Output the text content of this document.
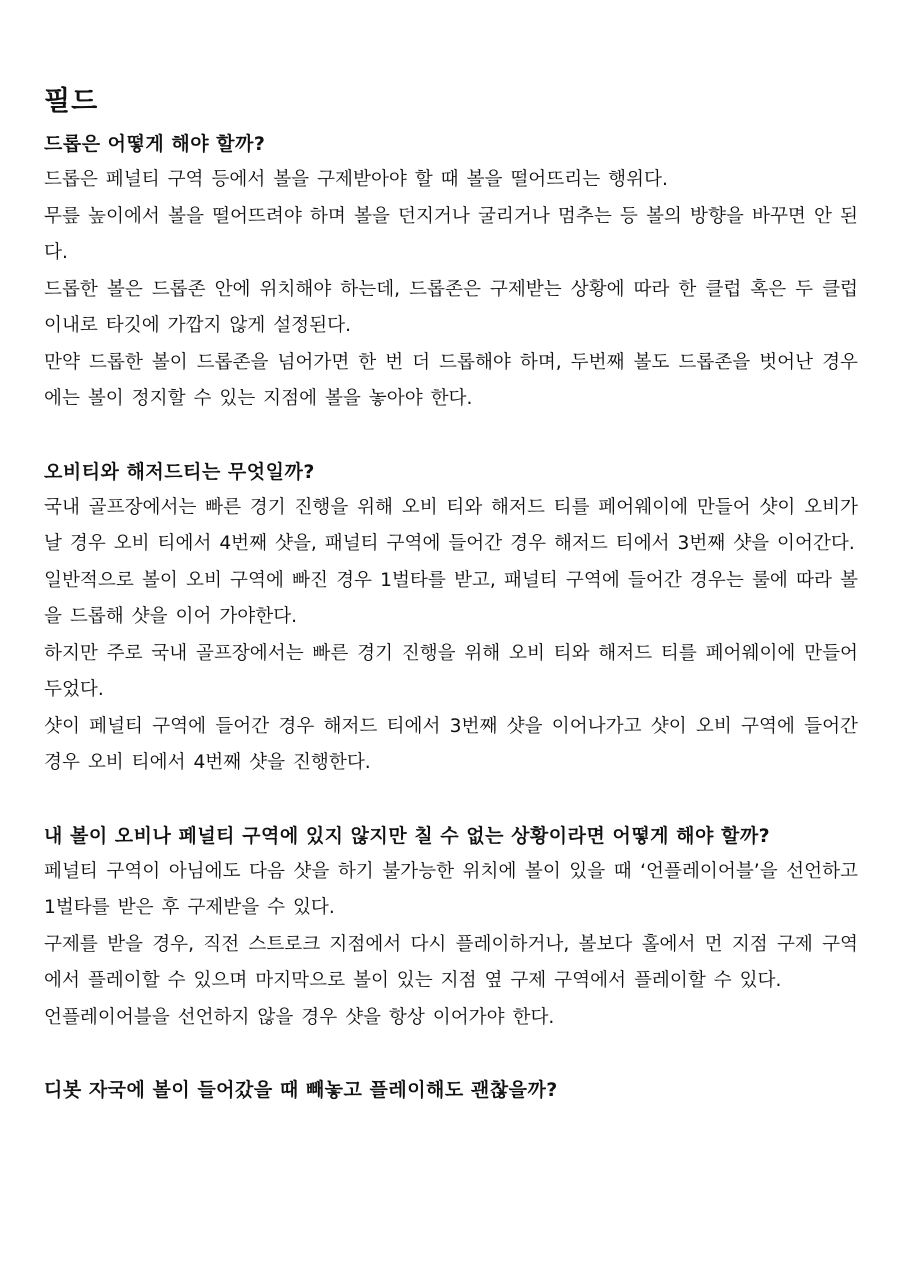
필드
드롭은 어떻게 해야 할까?

드롭은 페널티 구역 등에서 볼을 구제받아야 할 때 볼을 떨어뜨리는 행위다.

무릎 높이에서 볼을 떨어뜨려야 하며 볼을 던지거나 굴리거나 멈추는 등 볼의 방향을 바꾸면 안 된다.

드롭한 볼은 드롭존 안에 위치해야 하는데, 드롭존은 구제받는 상황에 따라 한 클럽 혹은 두 클럽 이내로 타깃에 가깝지 않게 설정된다.

만약 드롭한 볼이 드롭존을 넘어가면 한 번 더 드롭해야 하며, 두번째 볼도 드롭존을 벗어난 경우에는 볼이 정지할 수 있는 지점에 볼을 놓아야 한다.

오비티와 해저드티는 무엇일까?

국내 골프장에서는 빠른 경기 진행을 위해 오비 티와 해저드 티를 페어웨이에 만들어 샷이 오비가 날 경우 오비 티에서 4번째 샷을, 패널티 구역에 들어간 경우 해저드 티에서 3번째 샷을 이어간다.

일반적으로 볼이 오비 구역에 빠진 경우 1벌타를 받고, 패널티 구역에 들어간 경우는 룰에 따라 볼을 드롭해 샷을 이어 가야한다.

하지만 주로 국내 골프장에서는 빠른 경기 진행을 위해 오비 티와 해저드 티를 페어웨이에 만들어 두었다.

샷이 페널티 구역에 들어간 경우 해저드 티에서 3번째 샷을 이어나가고 샷이 오비 구역에 들어간 경우 오비 티에서 4번째 샷을 진행한다.

내 볼이 오비나 페널티 구역에 있지 않지만 칠 수 없는 상황이라면 어떻게 해야 할까?

페널티 구역이 아님에도 다음 샷을 하기 불가능한 위치에 볼이 있을 때 ‘언플레이어블’을 선언하고 1벌타를 받은 후 구제받을 수 있다.

구제를 받을 경우, 직전 스트로크 지점에서 다시 플레이하거나, 볼보다 홀에서 먼 지점 구제 구역에서 플레이할 수 있으며 마지막으로 볼이 있는 지점 옆 구제 구역에서 플레이할 수 있다.

언플레이어블을 선언하지 않을 경우 샷을 항상 이어가야 한다.

디봇 자국에 볼이 들어갔을 때 빼놓고 플레이해도 괜찮을까?
